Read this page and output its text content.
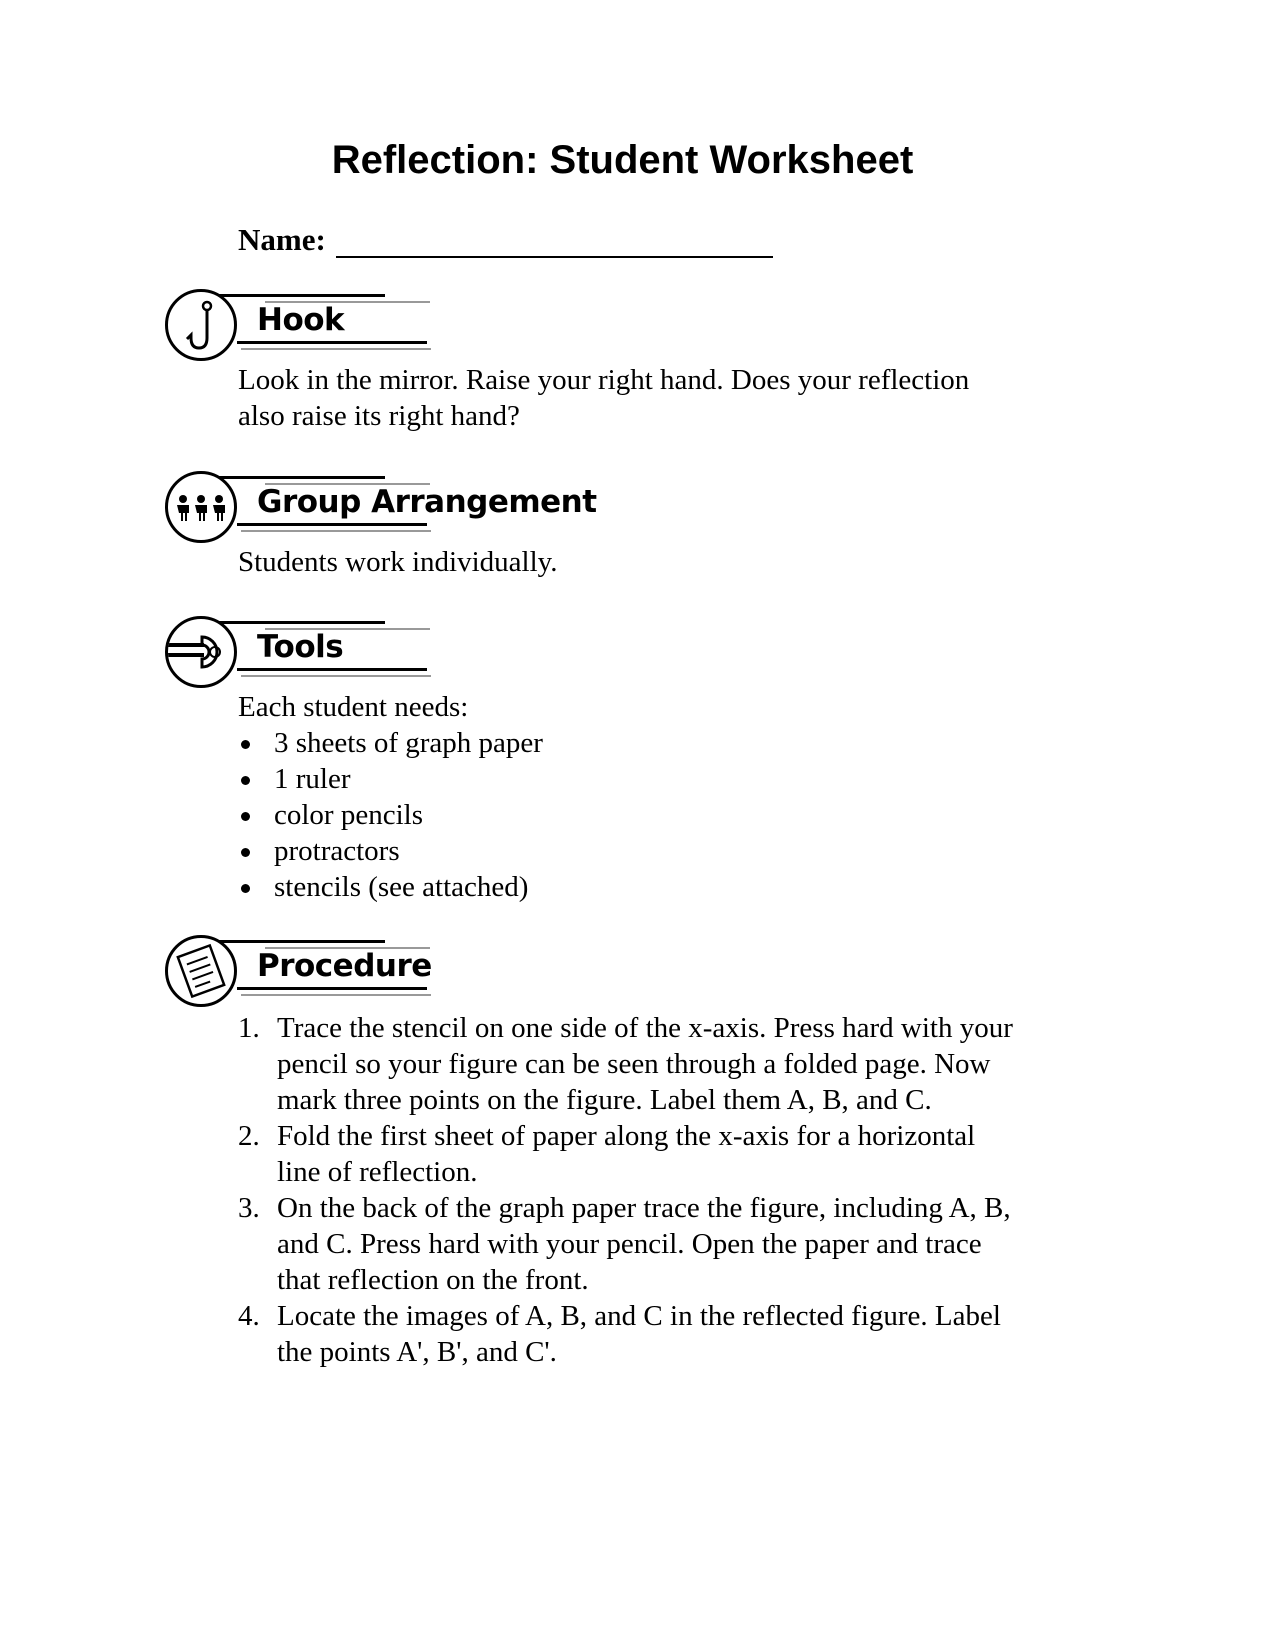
Reflection: Student Worksheet
Name:
Hook
Look in the mirror. Raise your right hand. Does your reflection
also raise its right hand?
Group Arrangement
Students work individually.
Tools
Each student needs:
3 sheets of graph paper
1 ruler
color pencils
protractors
stencils (see attached)
Procedure
1. Trace the stencil on one side of the x-axis. Press hard with your
pencil so your figure can be seen through a folded page. Now
mark three points on the figure. Label them A, B, and C.
2. Fold the first sheet of paper along the x-axis for a horizontal
line of reflection.
3. On the back of the graph paper trace the figure, including A, B,
and C. Press hard with your pencil. Open the paper and trace
that reflection on the front.
4. Locate the images of A, B, and C in the reflected figure. Label
the points A', B', and C'.
